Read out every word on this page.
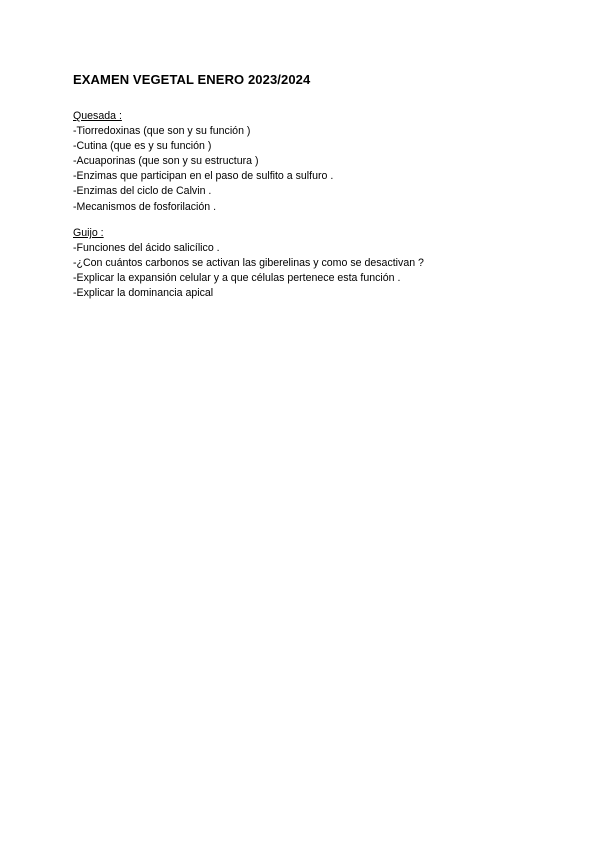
EXAMEN VEGETAL ENERO 2023/2024
Quesada :
-Tiorredoxinas (que son y su función )
-Cutina (que es y su función )
-Acuaporinas (que son y su estructura )
-Enzimas que participan en el paso de sulfito a sulfuro .
-Enzimas del ciclo de Calvin .
-Mecanismos de fosforilación .
Guijo :
-Funciones del ácido salicílico .
-¿Con cuántos carbonos se activan las giberelinas y como se desactivan ?
-Explicar la expansión celular y a que células pertenece esta función .
-Explicar la dominancia apical
